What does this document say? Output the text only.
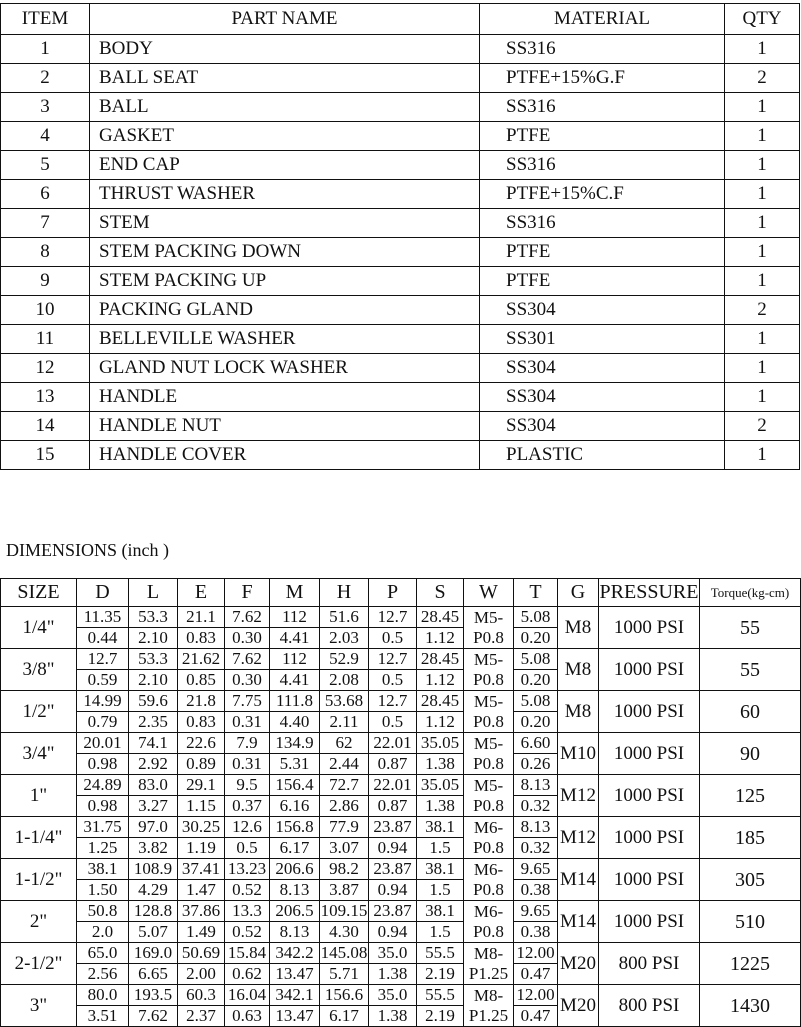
ITEM	PART NAME	MATERIAL	QTY
1	BODY	SS316	1
2	BALL SEAT	PTFE+15%G.F	2
3	BALL	SS316	1
4	GASKET	PTFE	1
5	END CAP	SS316	1
6	THRUST WASHER	PTFE+15%C.F	1
7	STEM	SS316	1
8	STEM PACKING DOWN	PTFE	1
9	STEM PACKING UP	PTFE	1
10	PACKING GLAND	SS304	2
11	BELLEVILLE WASHER	SS301	1
12	GLAND NUT LOCK WASHER	SS304	1
13	HANDLE	SS304	1
14	HANDLE NUT	SS304	2
15	HANDLE COVER	PLASTIC	1
DIMENSIONS (inch )
SIZE	D	L	E	F	M	H	P	S	W	T	G	PRESSURE	Torque(kg-cm)
1/4"	11.35	53.3	21.1	7.62	112	51.6	12.7	28.45	M5-	5.08	M8	1000 PSI	55
	0.44	2.10	0.83	0.30	4.41	2.03	0.5	1.12	P0.8	0.20			
3/8"	12.7	53.3	21.62	7.62	112	52.9	12.7	28.45	M5-	5.08	M8	1000 PSI	55
	0.59	2.10	0.85	0.30	4.41	2.08	0.5	1.12	P0.8	0.20			
1/2"	14.99	59.6	21.8	7.75	111.8	53.68	12.7	28.45	M5-	5.08	M8	1000 PSI	60
	0.79	2.35	0.83	0.31	4.40	2.11	0.5	1.12	P0.8	0.20			
3/4"	20.01	74.1	22.6	7.9	134.9	62	22.01	35.05	M5-	6.60	M10	1000 PSI	90
	0.98	2.92	0.89	0.31	5.31	2.44	0.87	1.38	P0.8	0.26			
1"	24.89	83.0	29.1	9.5	156.4	72.7	22.01	35.05	M5-	8.13	M12	1000 PSI	125
	0.98	3.27	1.15	0.37	6.16	2.86	0.87	1.38	P0.8	0.32			
1-1/4"	31.75	97.0	30.25	12.6	156.8	77.9	23.87	38.1	M6-	8.13	M12	1000 PSI	185
	1.25	3.82	1.19	0.5	6.17	3.07	0.94	1.5	P0.8	0.32			
1-1/2"	38.1	108.9	37.41	13.23	206.6	98.2	23.87	38.1	M6-	9.65	M14	1000 PSI	305
	1.50	4.29	1.47	0.52	8.13	3.87	0.94	1.5	P0.8	0.38			
2"	50.8	128.8	37.86	13.3	206.5	109.15	23.87	38.1	M6-	9.65	M14	1000 PSI	510
	2.0	5.07	1.49	0.52	8.13	4.30	0.94	1.5	P0.8	0.38			
2-1/2"	65.0	169.0	50.69	15.84	342.2	145.08	35.0	55.5	M8-	12.00	M20	800 PSI	1225
	2.56	6.65	2.00	0.62	13.47	5.71	1.38	2.19	P1.25	0.47			
3"	80.0	193.5	60.3	16.04	342.1	156.6	35.0	55.5	M8-	12.00	M20	800 PSI	1430
	3.51	7.62	2.37	0.63	13.47	6.17	1.38	2.19	P1.25	0.47			
